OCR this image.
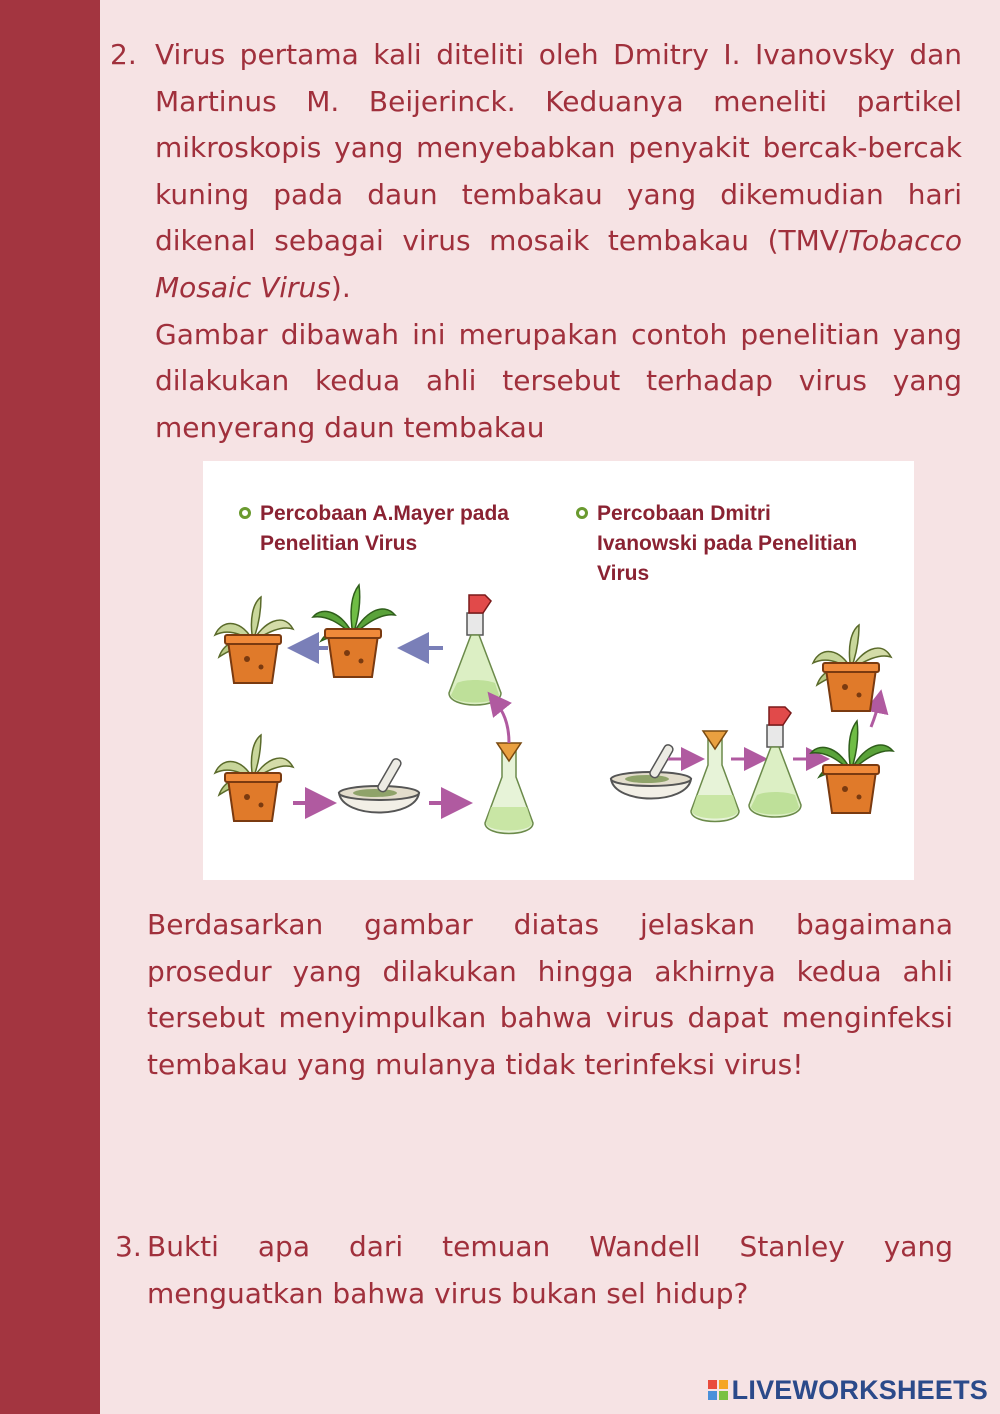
2. Virus pertama kali diteliti oleh Dmitry I. Ivanovsky dan Martinus M. Beijerinck. Keduanya meneliti partikel mikroskopis yang menyebabkan penyakit bercak-bercak kuning pada daun tembakau yang dikemudian hari dikenal sebagai virus mosaik tembakau (TMV/Tobacco Mosaic Virus).
Gambar dibawah ini merupakan contoh penelitian yang dilakukan kedua ahli tersebut terhadap virus yang menyerang daun tembakau
Percobaan A.Mayer pada Penelitian Virus
Percobaan Dmitri Ivanowski pada Penelitian Virus
Berdasarkan gambar diatas jelaskan bagaimana prosedur yang dilakukan hingga akhirnya kedua ahli tersebut menyimpulkan bahwa virus dapat menginfeksi tembakau yang mulanya tidak terinfeksi virus!
3. Bukti apa dari temuan Wandell Stanley yang menguatkan bahwa virus bukan sel hidup?
LIVEWORKSHEETS
